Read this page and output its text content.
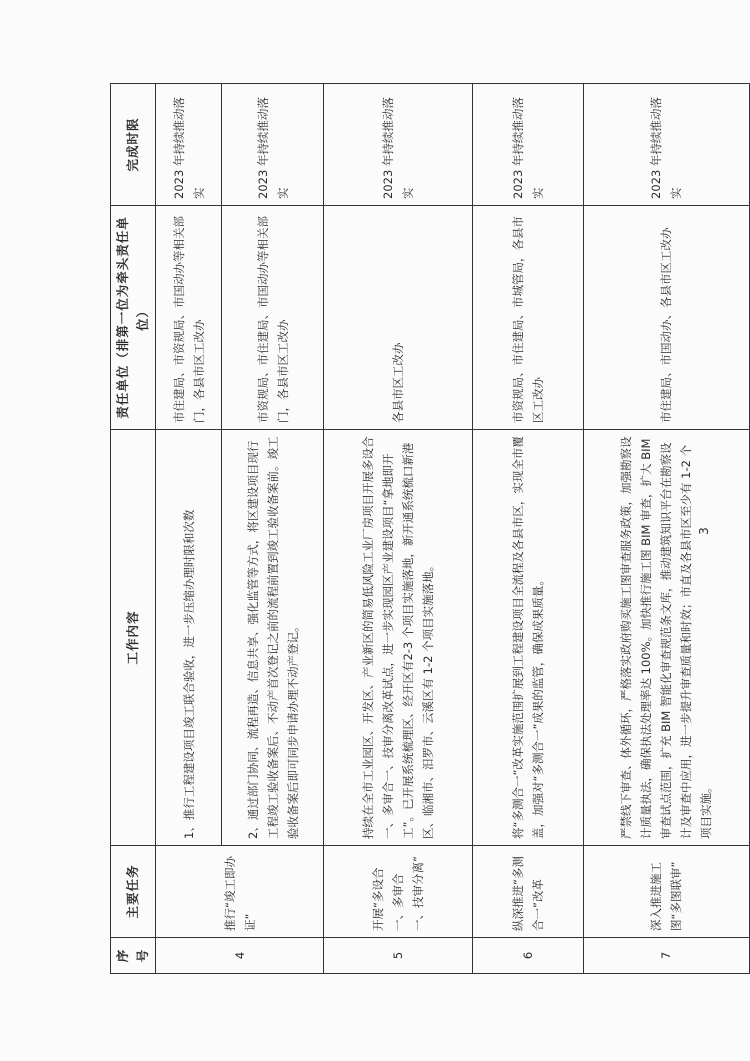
序号	主要任务	工作内容	责任单位（排第一位为牵头责任单位）	完成时限
4	推行“竣工即办证”	1、推行工程建设项目竣工联合验收，进一步压缩办理时限和次数	市住建局、市资规局、市国动办等相关部门，各县市区工改办	2023 年持续推动落实
		2、通过部门协同、流程再造、信息共享、强化监管等方式，将区建设项目现行工程竣工验收备案后、不动产首次登记之前的流程前置到竣工验收备案前。竣工验收备案后即可同步申请办理不动产登记。	市资规局、市住建局、市国动办等相关部门，各县市区工改办	2023 年持续推动落实
5	开展“多设合一、多审合一、技审分离”	持续在全市工业园区、开发区、产业新区的简易低风险工业厂房项目开展多设合一、多审合一、技审分离改革试点，进一步实现园区产业建设项目“拿地即开工”。已开展系统梳理区、经开区有2-3 个项目实施落地，新开通系统梳口新港区、临湘市、汨罗市、云溪区有 1-2 个项目实施落地。	各县市区工改办	2023 年持续推动落实
6	纵深推进“多测合一”改革	将“多测合一”改革实施范围扩展到工程建设项目全流程及各县市区，实现全市覆盖，加强对“多测合一”成果的监管，确保成果质量。	市资规局、市住建局、市城管局，各县市区工改办	2023 年持续推动落实
7	深入推进施工图“多图联审”	严禁线下审查、体外循环，严格落实政府购买施工图审查服务政策，加强勘察设计质量执法，确保执法处理率达 100%。加快推行施工图 BIM 审查，扩大 BIM 审查试点范围，扩充 BIM 智能化审查规范条文库，推动建筑知识平台在勘察设计及审查中应用，进一步提升审查质量和时效；市直及各县市区至少有 1-2 个项目实施。	市住建局、市国动办、各县市区工改办	2023 年持续推动落实
3
